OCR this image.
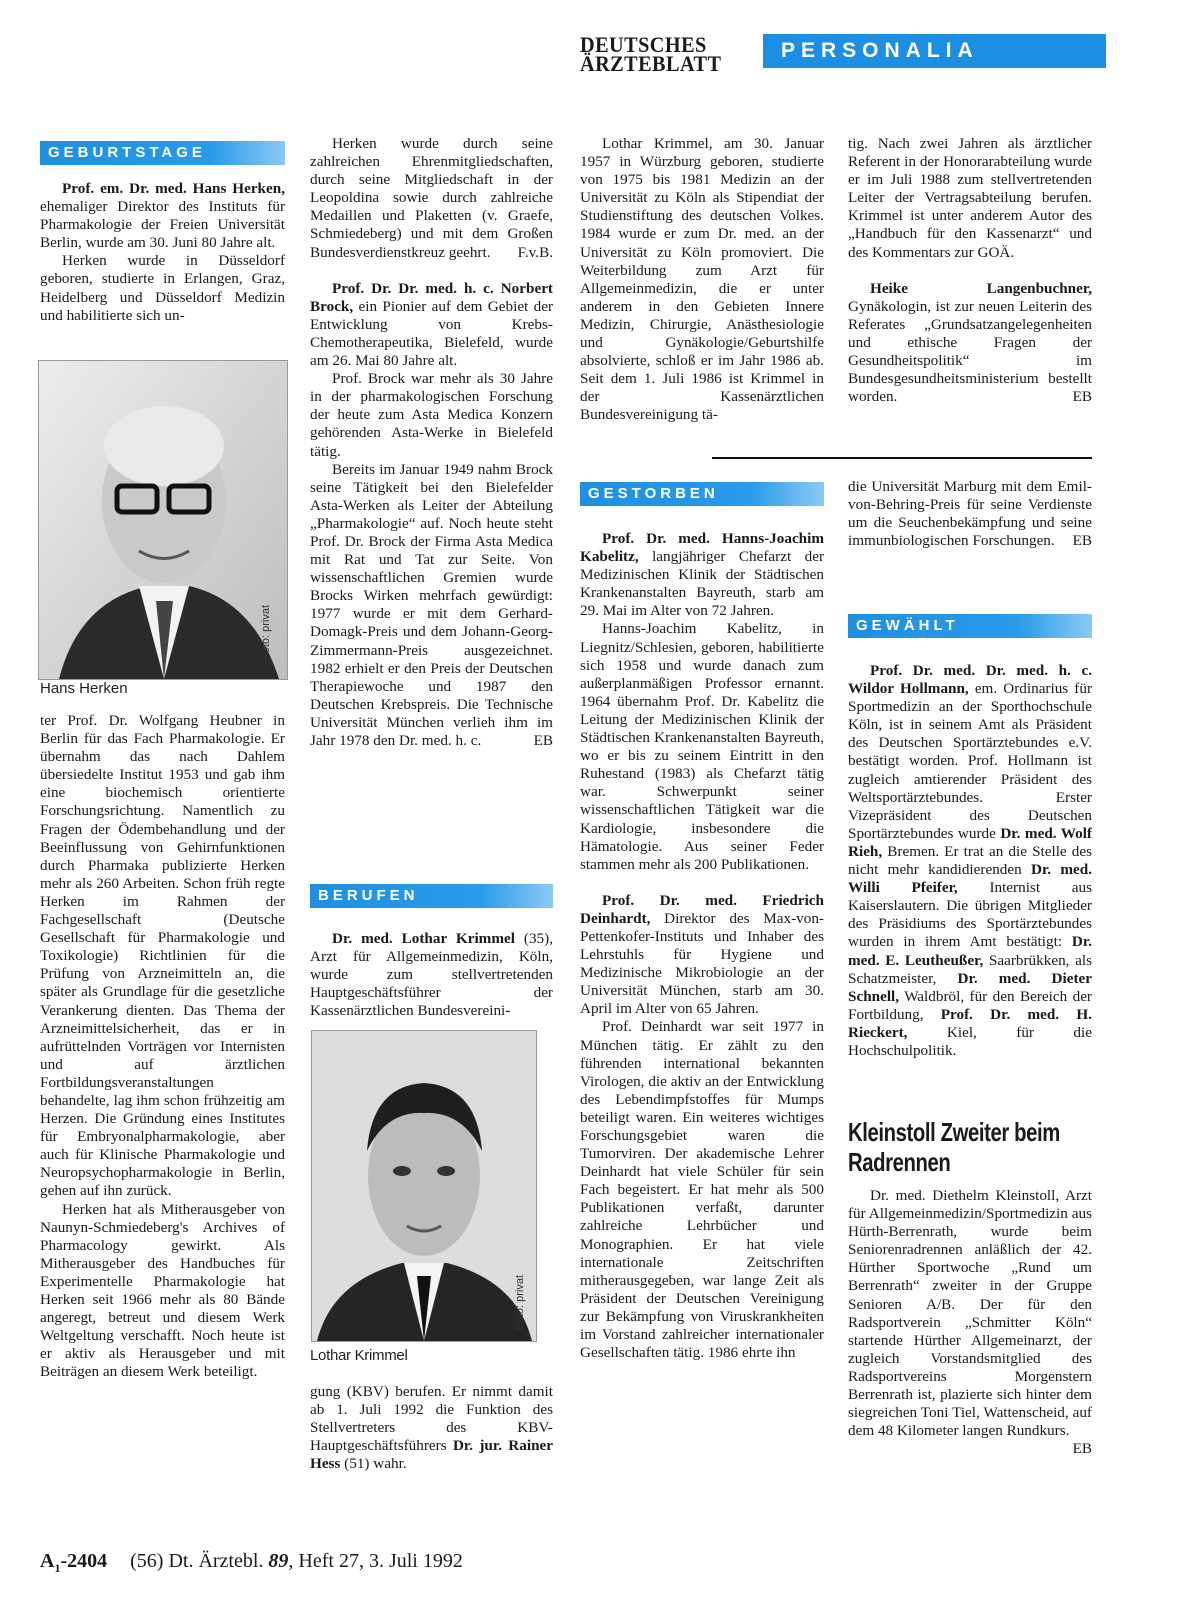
DEUTSCHES
ÄRZTEBLATT
PERSONALIA
GEBURTSTAGE

Prof. em. Dr. med. Hans Herken, ehemaliger Direktor des Instituts für Pharmakologie der Freien Universität Berlin, wurde am 30. Juni 80 Jahre alt.

Herken wurde in Düsseldorf geboren, studierte in Erlangen, Graz, Heidelberg und Düsseldorf Medizin und habilitierte sich un-

Foto: privat
Hans Herken

ter Prof. Dr. Wolfgang Heubner in Berlin für das Fach Pharmakologie. Er übernahm das nach Dahlem übersiedelte Institut 1953 und gab ihm eine biochemisch orientierte Forschungsrichtung. Namentlich zu Fragen der Ödembehandlung und der Beeinflussung von Gehirnfunktionen durch Pharmaka publizierte Herken mehr als 260 Arbeiten. Schon früh regte Herken im Rahmen der Fachgesellschaft (Deutsche Gesellschaft für Pharmakologie und Toxikologie) Richtlinien für die Prüfung von Arzneimitteln an, die später als Grundlage für die gesetzliche Verankerung dienten. Das Thema der Arzneimittelsicherheit, das er in aufrüttelnden Vorträgen vor Internisten und auf ärztlichen Fortbildungsveranstaltungen behandelte, lag ihm schon frühzeitig am Herzen. Die Gründung eines Institutes für Embryonalpharmakologie, aber auch für Klinische Pharmakologie und Neuropsychopharmakologie in Berlin, gehen auf ihn zurück.

Herken hat als Mitherausgeber von Naunyn-Schmiedeberg's Archives of Pharmacology gewirkt. Als Mitherausgeber des Handbuches für Experimentelle Pharmakologie hat Herken seit 1966 mehr als 80 Bände angeregt, betreut und diesem Werk Weltgeltung verschafft. Noch heute ist er aktiv als Herausgeber und mit Beiträgen an diesem Werk beteiligt.

Herken wurde durch seine zahlreichen Ehrenmitgliedschaften, durch seine Mitgliedschaft in der Leopoldina sowie durch zahlreiche Medaillen und Plaketten (v. Graefe, Schmiedeberg) und mit dem Großen Bundesverdienstkreuz geehrt.	F.v.B.

Prof. Dr. Dr. med. h. c. Norbert Brock, ein Pionier auf dem Gebiet der Entwicklung von Krebs-Chemotherapeutika, Bielefeld, wurde am 26. Mai 80 Jahre alt.

Prof. Brock war mehr als 30 Jahre in der pharmakologischen Forschung der heute zum Asta Medica Konzern gehörenden Asta-Werke in Bielefeld tätig.

Bereits im Januar 1949 nahm Brock seine Tätigkeit bei den Bielefelder Asta-Werken als Leiter der Abteilung „Pharmakologie“ auf. Noch heute steht Prof. Dr. Brock der Firma Asta Medica mit Rat und Tat zur Seite. Von wissenschaftlichen Gremien wurde Brocks Wirken mehrfach gewürdigt: 1977 wurde er mit dem Gerhard-Domagk-Preis und dem Johann-Georg-Zimmermann-Preis ausgezeichnet. 1982 erhielt er den Preis der Deutschen Therapiewoche und 1987 den Deutschen Krebspreis. Die Technische Universität München verlieh ihm im Jahr 1978 den Dr. med. h. c.	EB

BERUFEN

Dr. med. Lothar Krimmel (35), Arzt für Allgemeinmedizin, Köln, wurde zum stellvertretenden Hauptgeschäftsführer der Kassenärztlichen Bundesvereini-

Foto: privat
Lothar Krimmel

gung (KBV) berufen. Er nimmt damit ab 1. Juli 1992 die Funktion des Stellvertreters des KBV-Hauptgeschäftsführers Dr. jur. Rainer Hess (51) wahr.

Lothar Krimmel, am 30. Januar 1957 in Würzburg geboren, studierte von 1975 bis 1981 Medizin an der Universität zu Köln als Stipendiat der Studienstiftung des deutschen Volkes. 1984 wurde er zum Dr. med. an der Universität zu Köln promoviert. Die Weiterbildung zum Arzt für Allgemeinmedizin, die er unter anderem in den Gebieten Innere Medizin, Chirurgie, Anästhesiologie und Gynäkologie/Geburtshilfe absolvierte, schloß er im Jahr 1986 ab. Seit dem 1. Juli 1986 ist Krimmel in der Kassenärztlichen Bundesvereinigung tä-

GESTORBEN

Prof. Dr. med. Hanns-Joachim Kabelitz, langjähriger Chefarzt der Medizinischen Klinik der Städtischen Krankenanstalten Bayreuth, starb am 29. Mai im Alter von 72 Jahren.

Hanns-Joachim Kabelitz, in Liegnitz/Schlesien, geboren, habilitierte sich 1958 und wurde danach zum außerplanmäßigen Professor ernannt. 1964 übernahm Prof. Dr. Kabelitz die Leitung der Medizinischen Klinik der Städtischen Krankenanstalten Bayreuth, wo er bis zu seinem Eintritt in den Ruhestand (1983) als Chefarzt tätig war. Schwerpunkt seiner wissenschaftlichen Tätigkeit war die Kardiologie, insbesondere die Hämatologie. Aus seiner Feder stammen mehr als 200 Publikationen.

Prof. Dr. med. Friedrich Deinhardt, Direktor des Max-von-Pettenkofer-Instituts und Inhaber des Lehrstuhls für Hygiene und Medizinische Mikrobiologie an der Universität München, starb am 30. April im Alter von 65 Jahren.

Prof. Deinhardt war seit 1977 in München tätig. Er zählt zu den führenden international bekannten Virologen, die aktiv an der Entwicklung des Lebendimpfstoffes für Mumps beteiligt waren. Ein weiteres wichtiges Forschungsgebiet waren die Tumorviren. Der akademische Lehrer Deinhardt hat viele Schüler für sein Fach begeistert. Er hat mehr als 500 Publikationen verfaßt, darunter zahlreiche Lehrbücher und Monographien. Er hat viele internationale Zeitschriften mitherausgegeben, war lange Zeit als Präsident der Deutschen Vereinigung zur Bekämpfung von Viruskrankheiten im Vorstand zahlreicher internationaler Gesellschaften tätig. 1986 ehrte ihn

tig. Nach zwei Jahren als ärztlicher Referent in der Honorarabteilung wurde er im Juli 1988 zum stellvertretenden Leiter der Vertragsabteilung berufen. Krimmel ist unter anderem Autor des „Handbuch für den Kassenarzt“ und des Kommentars zur GOÄ.

Heike Langenbuchner, Gynäkologin, ist zur neuen Leiterin des Referates „Grundsatzangelegenheiten und ethische Fragen der Gesundheitspolitik“ im Bundesgesundheitsministerium bestellt worden.	EB

die Universität Marburg mit dem Emil-von-Behring-Preis für seine Verdienste um die Seuchenbekämpfung und seine immunbiologischen Forschungen. EB

GEWÄHLT

Prof. Dr. med. Dr. med. h. c. Wildor Hollmann, em. Ordinarius für Sportmedizin an der Sporthochschule Köln, ist in seinem Amt als Präsident des Deutschen Sportärztebundes e.V. bestätigt worden. Prof. Hollmann ist zugleich amtierender Präsident des Weltsportärztebundes. Erster Vizepräsident des Deutschen Sportärztebundes wurde Dr. med. Wolf Rieh, Bremen. Er trat an die Stelle des nicht mehr kandidierenden Dr. med. Willi Pfeifer, Internist aus Kaiserslautern. Die übrigen Mitglieder des Präsidiums des Sportärztebundes wurden in ihrem Amt bestätigt: Dr. med. E. Leutheußer, Saarbrükken, als Schatzmeister, Dr. med. Dieter Schnell, Waldbröl, für den Bereich der Fortbildung, Prof. Dr. med. H. Rieckert, Kiel, für die Hochschulpolitik.

Kleinstoll Zweiter beim Radrennen

Dr. med. Diethelm Kleinstoll, Arzt für Allgemeinmedizin/Sportmedizin aus Hürth-Berrenrath, wurde beim Seniorenradrennen anläßlich der 42. Hürther Sportwoche „Rund um Berrenrath“ zweiter in der Gruppe Senioren A/B. Der für den Radsportverein „Schmitter Köln“ startende Hürther Allgemeinarzt, der zugleich Vorstandsmitglied des Radsportvereins Morgenstern Berrenrath ist, plazierte sich hinter dem siegreichen Toni Tiel, Wattenscheid, auf dem 48 Kilometer langen Rundkurs.
EB

$A_1-2404$ (56) Dt. Ärztebl. 89, Heft 27, 3. Juli 1992
